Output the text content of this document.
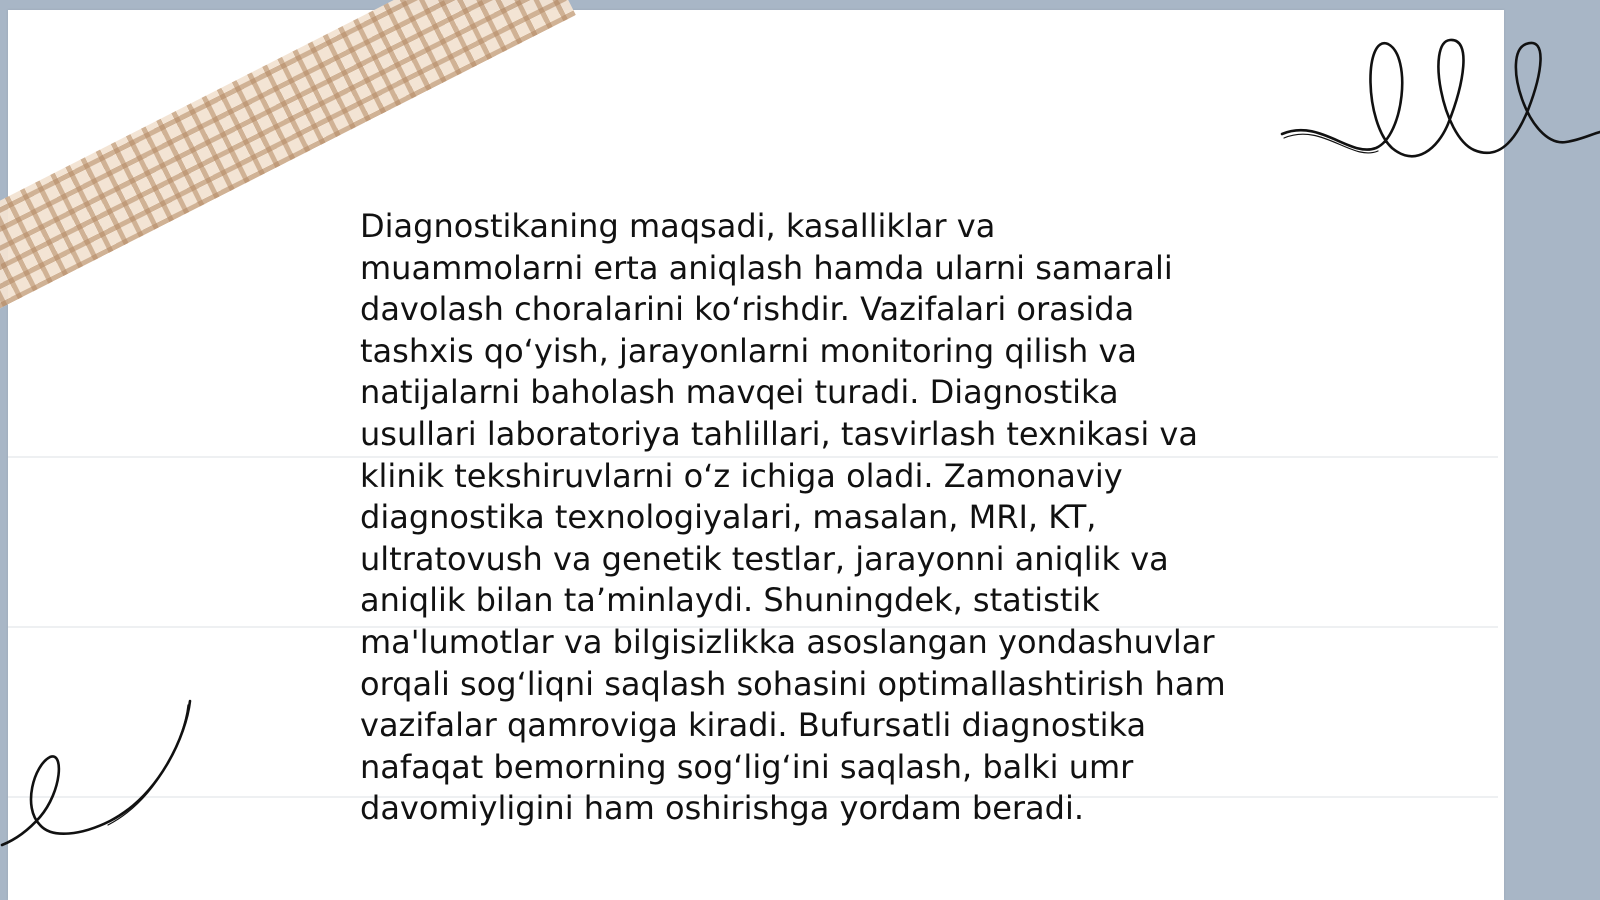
Diagnostikaning maqsadi, kasalliklar va
muammolarni erta aniqlash hamda ularni samarali
davolash choralarini ko‘rishdir. Vazifalari orasida
tashxis qo‘yish, jarayonlarni monitoring qilish va
natijalarni baholash mavqei turadi. Diagnostika
usullari laboratoriya tahlillari, tasvirlash texnikasi va
klinik tekshiruvlarni o‘z ichiga oladi. Zamonaviy
diagnostika texnologiyalari, masalan, MRI, KT,
ultratovush va genetik testlar, jarayonni aniqlik va
aniqlik bilan ta’minlaydi. Shuningdek, statistik
ma'lumotlar va bilgisizlikka asoslangan yondashuvlar
orqali sog‘liqni saqlash sohasini optimallashtirish ham
vazifalar qamroviga kiradi. Bufursatli diagnostika
nafaqat bemorning sog‘lig‘ini saqlash, balki umr
davomiyligini ham oshirishga yordam beradi.
